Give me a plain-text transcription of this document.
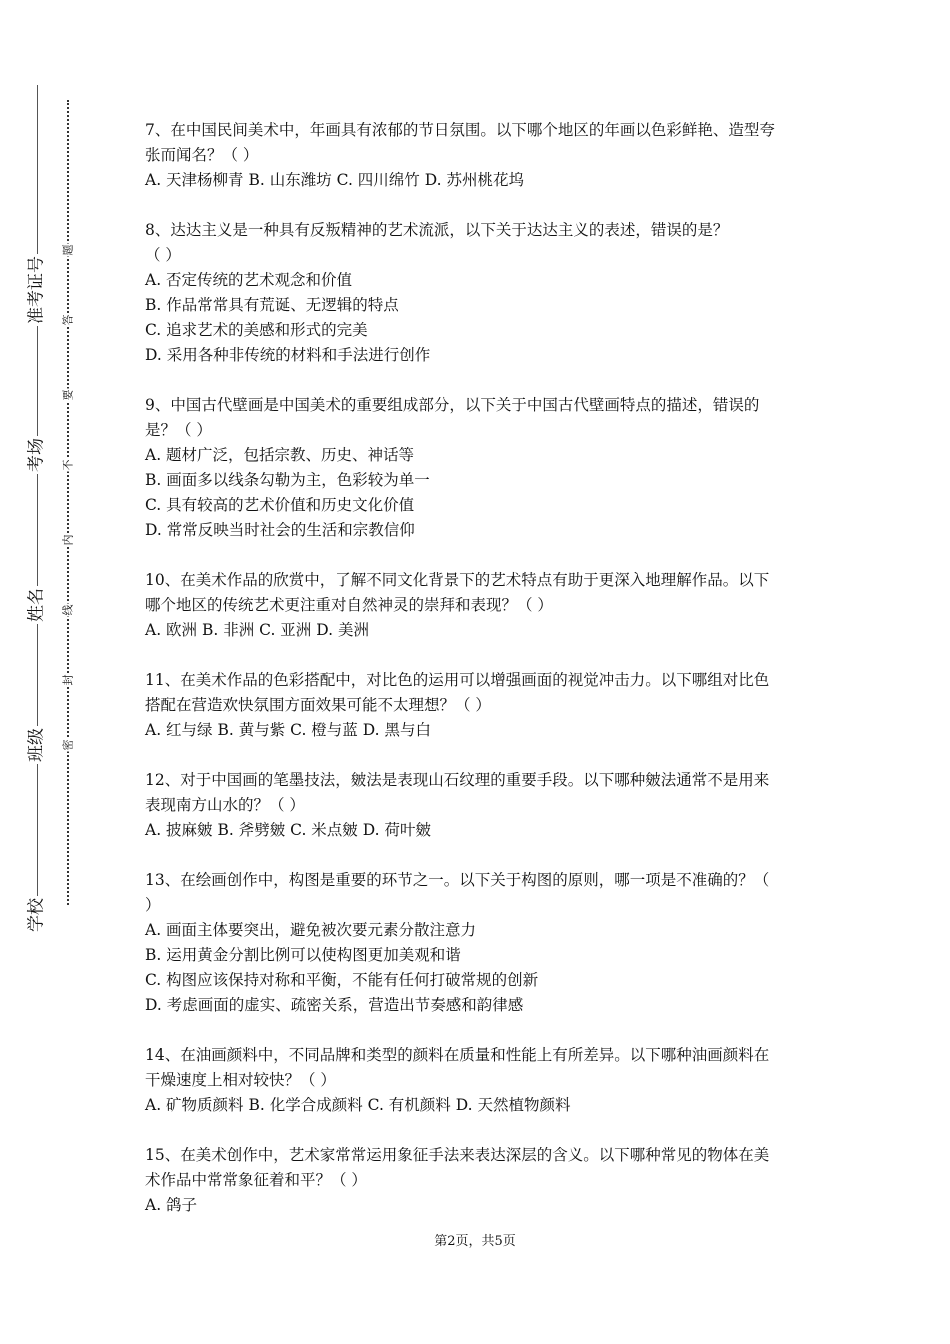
学校
班级
姓名
考场
准考证号
密
封
线
内
不
要
答
题
7、在中国民间美术中，年画具有浓郁的节日氛围。以下哪个地区的年画以色彩鲜艳、造型夸
张而闻名？（ ）
A. 天津杨柳青 B. 山东潍坊 C. 四川绵竹 D. 苏州桃花坞
8、达达主义是一种具有反叛精神的艺术流派，以下关于达达主义的表述，错误的是？
（ ）
A. 否定传统的艺术观念和价值
B. 作品常常具有荒诞、无逻辑的特点
C. 追求艺术的美感和形式的完美
D. 采用各种非传统的材料和手法进行创作
9、中国古代壁画是中国美术的重要组成部分，以下关于中国古代壁画特点的描述，错误的
是？（ ）
A. 题材广泛，包括宗教、历史、神话等
B. 画面多以线条勾勒为主，色彩较为单一
C. 具有较高的艺术价值和历史文化价值
D. 常常反映当时社会的生活和宗教信仰
10、在美术作品的欣赏中，了解不同文化背景下的艺术特点有助于更深入地理解作品。以下
哪个地区的传统艺术更注重对自然神灵的崇拜和表现？（ ）
A. 欧洲 B. 非洲 C. 亚洲 D. 美洲
11、在美术作品的色彩搭配中，对比色的运用可以增强画面的视觉冲击力。以下哪组对比色
搭配在营造欢快氛围方面效果可能不太理想？（ ）
A. 红与绿 B. 黄与紫 C. 橙与蓝 D. 黑与白
12、对于中国画的笔墨技法，皴法是表现山石纹理的重要手段。以下哪种皴法通常不是用来
表现南方山水的？（ ）
A. 披麻皴 B. 斧劈皴 C. 米点皴 D. 荷叶皴
13、在绘画创作中，构图是重要的环节之一。以下关于构图的原则，哪一项是不准确的？（
）
A. 画面主体要突出，避免被次要元素分散注意力
B. 运用黄金分割比例可以使构图更加美观和谐
C. 构图应该保持对称和平衡，不能有任何打破常规的创新
D. 考虑画面的虚实、疏密关系，营造出节奏感和韵律感
14、在油画颜料中，不同品牌和类型的颜料在质量和性能上有所差异。以下哪种油画颜料在
干燥速度上相对较快？（ ）
A. 矿物质颜料 B. 化学合成颜料 C. 有机颜料 D. 天然植物颜料
15、在美术创作中，艺术家常常运用象征手法来表达深层的含义。以下哪种常见的物体在美
术作品中常常象征着和平？（ ）
A. 鸽子
第2页，共5页
